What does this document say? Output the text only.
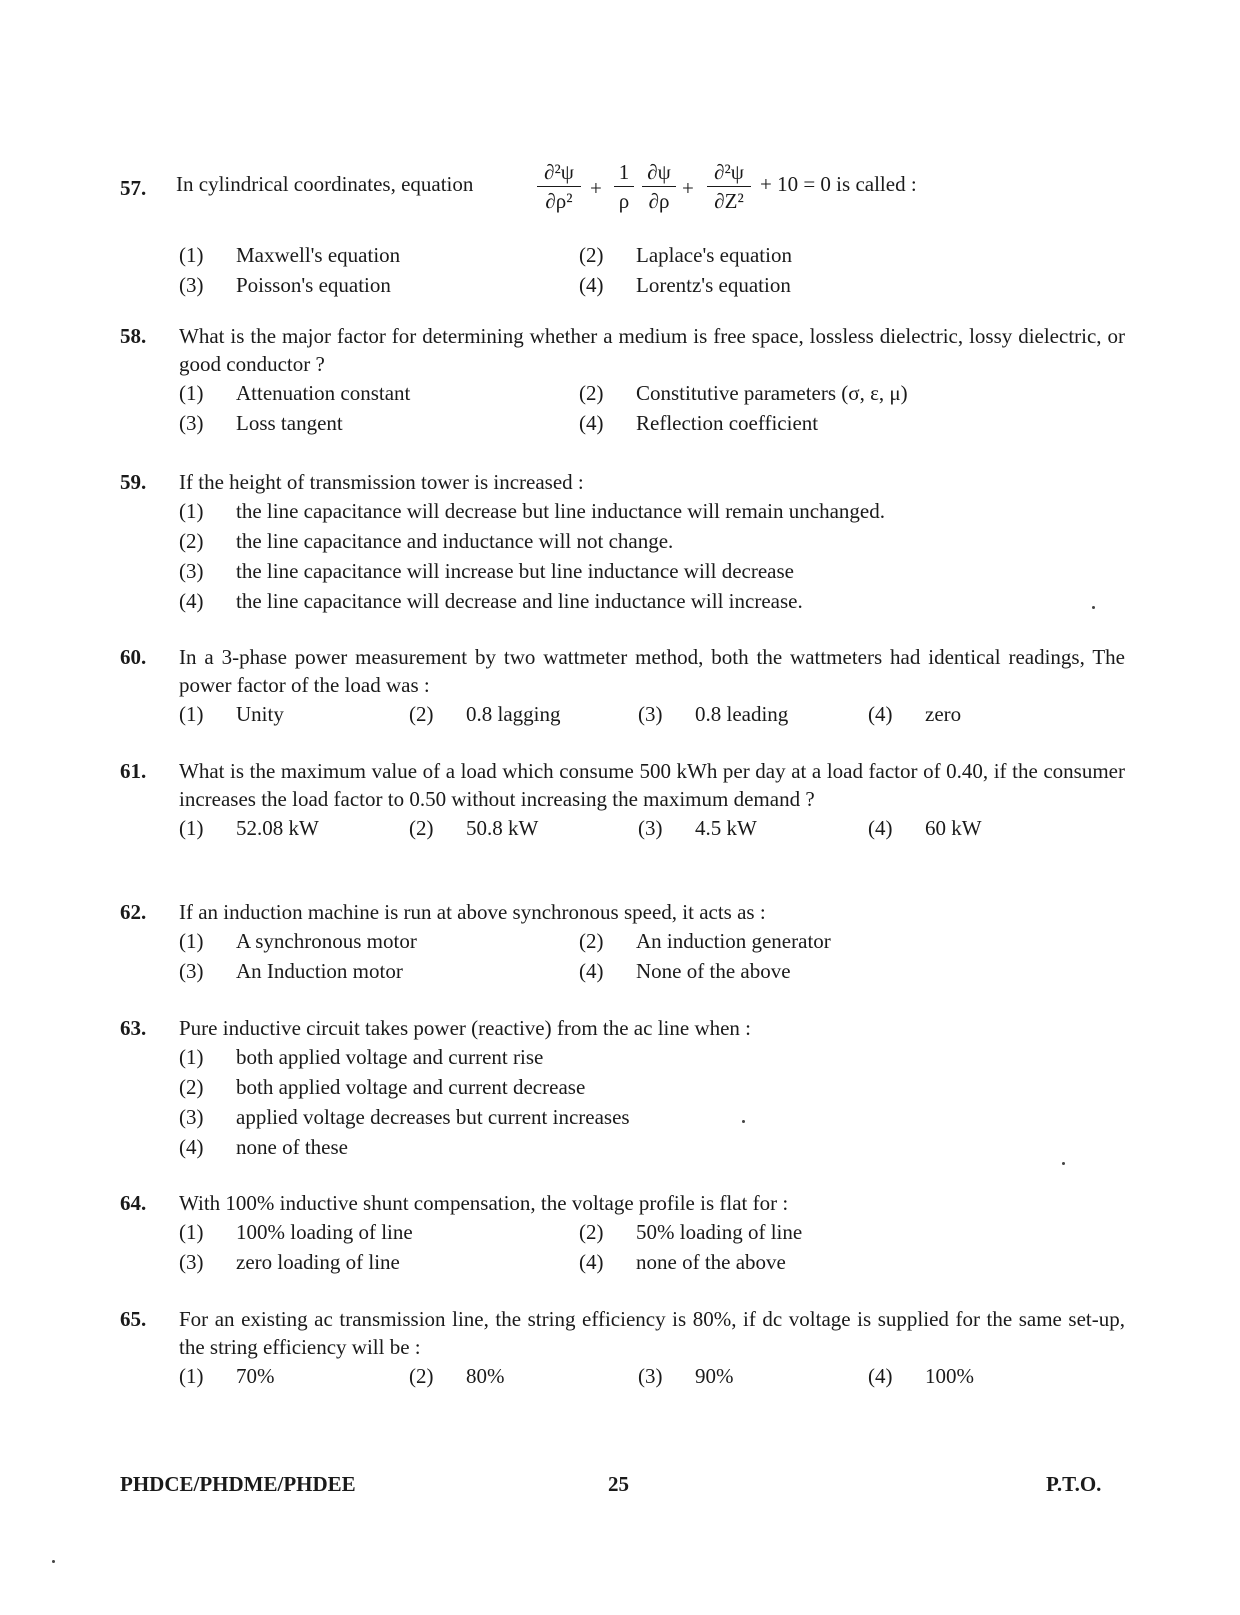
57. In cylindrical coordinates, equation	∂²ψ
∂ρ²
+
1
ρ
∂ψ
∂ρ
+
∂²ψ
∂Z²
+ 10 = 0 is called :
(1) Maxwell's equation	(2) Laplace's equation
(3) Poisson's equation	(4) Lorentz's equation
58. What is the major factor for determining whether a medium is free space, lossless dielectric, lossy dielectric, or good conductor ?
(1) Attenuation constant	(2) Constitutive parameters (σ, ε, μ)
(3) Loss tangent	(4) Reflection coefficient
59. If the height of transmission tower is increased :
(1) the line capacitance will decrease but line inductance will remain unchanged.
(2) the line capacitance and inductance will not change.
(3) the line capacitance will increase but line inductance will decrease
(4) the line capacitance will decrease and line inductance will increase.
60. In a 3-phase power measurement by two wattmeter method, both the wattmeters had identical readings, The power factor of the load was :
(1) Unity	(2) 0.8 lagging	(3) 0.8 leading	(4) zero
61. What is the maximum value of a load which consume 500 kWh per day at a load factor of 0.40, if the consumer increases the load factor to 0.50 without increasing the maximum demand ?
(1) 52.08 kW	(2) 50.8 kW	(3) 4.5 kW	(4) 60 kW
62. If an induction machine is run at above synchronous speed, it acts as :
(1) A synchronous motor	(2) An induction generator
(3) An Induction motor	(4) None of the above
63. Pure inductive circuit takes power (reactive) from the ac line when :
(1) both applied voltage and current rise
(2) both applied voltage and current decrease
(3) applied voltage decreases but current increases
(4) none of these
64. With 100% inductive shunt compensation, the voltage profile is flat for :
(1) 100% loading of line	(2) 50% loading of line
(3) zero loading of line	(4) none of the above
65. For an existing ac transmission line, the string efficiency is 80%, if dc voltage is supplied for the same set-up, the string efficiency will be :
(1) 70%	(2) 80%	(3) 90%	(4) 100%
PHDCE/PHDME/PHDEE	25	P.T.O.
